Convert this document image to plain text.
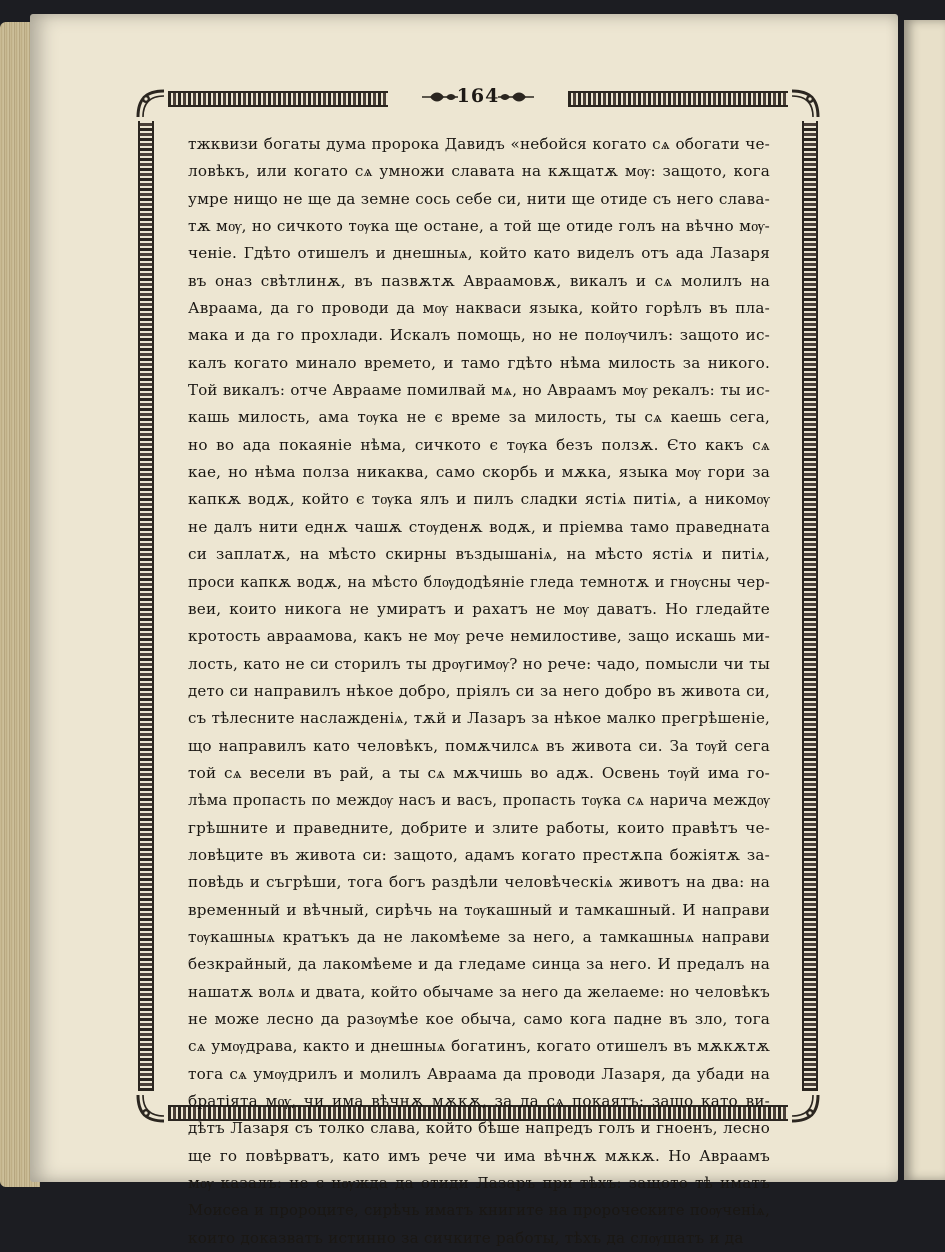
164
тжквизи богаты дума пророка Давидъ «небойся когато сѧ обогати че-
ловѣкъ, или когато сѧ умножи славата на кѫщатѫ мѹ: защото, кога
умре нищо не ще да земне сось себе си, нити ще отиде съ него славa-
тѫ мѹ, но сичкото тѹка ще остане, а той ще отиде голъ на вѣчно мѹ-
ченіе. Гдѣто отишелъ и днешныѧ, който като виделъ отъ ада Лазаря
въ оназ свѣтлинѫ, въ пазвѫтѫ Авраамовѫ, викалъ и сѧ молилъ на
Авраама, да го проводи да мѹ накваси языка, който горѣлъ въ пла-
мака и да го прохлади. Искалъ помощь, но не полѹчилъ: защото ис-
калъ когато минало времето, и тамо гдѣто нѣма милость за никого.
Той викалъ: отче Аврааме помилвай мѧ, но Авраамъ мѹ рекалъ: ты ис-
кашь милость, ама тѹка не є време за милость, ты сѧ каешь сега,
но во ада покаяніе нѣма, сичкото є тѹка безъ ползѫ. Єто какъ сѧ
кае, но нѣма полза никаква, само скорбь и мѫка, языка мѹ гори за
капкѫ водѫ, който є тѹка ялъ и пилъ сладки ястіѧ питіѧ, а никомѹ
не далъ нити еднѫ чашѫ стѹденѫ водѫ, и пріемва тамо праведната
си заплатѫ, на мѣсто скирны въздышаніѧ, на мѣсто ястіѧ и питіѧ,
проси капкѫ водѫ, на мѣсто блѹдодѣяніе гледа темнотѫ и гнѹсны чер-
веи, които никога не умиратъ и рахатъ не мѹ даватъ. Но гледайте
кротость авраамова, какъ не мѹ рече немилостиве, защо искашь ми-
лость, като не си сторилъ ты дрѹгимѹ? но рече: чадо, помысли чи ты
дето си направилъ нѣкое добро, пріялъ си за него добро въ живота си,
съ тѣлесните наслажденіѧ, тѫй и Лазаръ за нѣкое малко прегрѣшеніе,
що направилъ като человѣкъ, помѫчилсѧ въ живота си. За тѹй сега
той сѧ весели въ рай, а ты сѧ мѫчишь во адѫ. Освень тѹй има го-
лѣма пропасть по междѹ насъ и васъ, пропасть тѹка сѧ нарича междѹ
грѣшните и праведните, добрите и злите работы, които правѣтъ че-
ловѣците въ живота си: защото, адамъ когато престѫпа божіятѫ за-
повѣдь и съгрѣши, тога богъ раздѣли человѣческіѧ животъ на два: на
временный и вѣчный, сирѣчь на тѹкашный и тамкашный. И направи
тѹкашныѧ кратъкъ да не лакомѣеме за него, а тамкашныѧ направи
безкрайный, да лакомѣеме и да гледаме синца за него. И предалъ на
нашатѫ волѧ и двата, който обычаме за него да желаеме: но человѣкъ
не може лесно да разѹмѣе кое обыча, само кога падне въ зло, тога
сѧ умѹдрава, както и днешныѧ богатинъ, когато отишелъ въ мѫкѫтѫ
тога сѧ умѹдрилъ и молилъ Авраама да проводи Лазаря, да убади на
братіята мѹ, чи има вѣчнѫ мѫкѫ, за да сѧ покаятъ: защо като ви-
дѣтъ Лазаря съ толко слава, който бѣше напредъ голъ и гноенъ, лесно
ще го повѣрватъ, като имъ рече чи има вѣчнѫ мѫкѫ. Но Авраамъ
мѹ казалъ: не є нѹжда да отиди Лазаръ при тѣхъ: защото тѣ иматъ
Моисеа и пророците, сирѣчь иматъ книгите на пророческите поѹченіѧ,
които доказватъ истинно за сичките работы, тѣхъ да слѹшатъ и да
